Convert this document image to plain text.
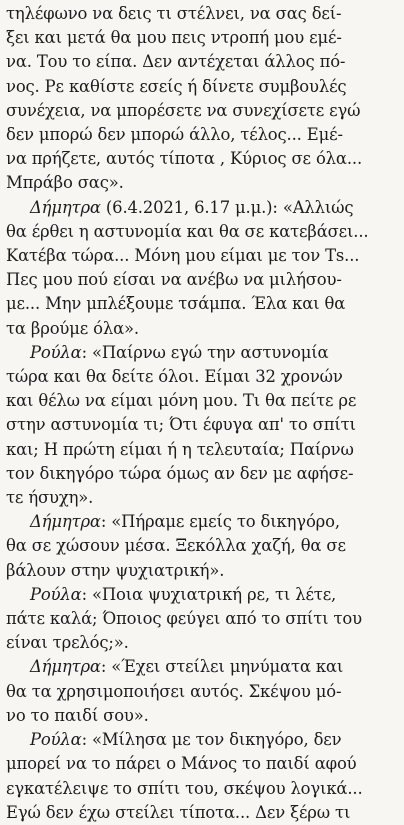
τηλέφωνο να δεις τι στέλνει, να σας δεί-
ξει και μετά θα μου πεις ντροπή μου εμέ-
να. Του το είπα. Δεν αντέχεται άλλος πό-
νος. Ρε καθίστε εσείς ή δίνετε συμβουλές
συνέχεια, να μπορέσετε να συνεχίσετε εγώ
δεν μπορώ δεν μπορώ άλλο, τέλος... Εμέ-
να πρήζετε, αυτός τίποτα , Κύριος σε όλα...
Μπράβο σας».
Δήμητρα (6.4.2021, 6.17 μ.μ.): «Αλλιώς
θα έρθει η αστυνομία και θα σε κατεβάσει...
Κατέβα τώρα... Μόνη μου είμαι με τον Τs...
Πες μου πού είσαι να ανέβω να μιλήσου-
με... Μην μπλέξουμε τσάμπα. Έλα και θα
τα βρούμε όλα».
Ρούλα: «Παίρνω εγώ την αστυνομία
τώρα και θα δείτε όλοι. Είμαι 32 χρονών
και θέλω να είμαι μόνη μου. Τι θα πείτε ρε
στην αστυνομία τι; Ότι έφυγα απ' το σπίτι
και; Η πρώτη είμαι ή η τελευταία; Παίρνω
τον δικηγόρο τώρα όμως αν δεν με αφήσε-
τε ήσυχη».
Δήμητρα: «Πήραμε εμείς το δικηγόρο,
θα σε χώσουν μέσα. Ξεκόλλα χαζή, θα σε
βάλουν στην ψυχιατρική».
Ρούλα: «Ποια ψυχιατρική ρε, τι λέτε,
πάτε καλά; Όποιος φεύγει από το σπίτι του
είναι τρελός;».
Δήμητρα: «Έχει στείλει μηνύματα και
θα τα χρησιμοποιήσει αυτός. Σκέψου μό-
νο το παιδί σου».
Ρούλα: «Μίλησα με τον δικηγόρο, δεν
μπορεί να το πάρει ο Μάνος το παιδί αφού
εγκατέλειψε το σπίτι του, σκέψου λογικά...
Εγώ δεν έχω στείλει τίποτα... Δεν ξέρω τι
